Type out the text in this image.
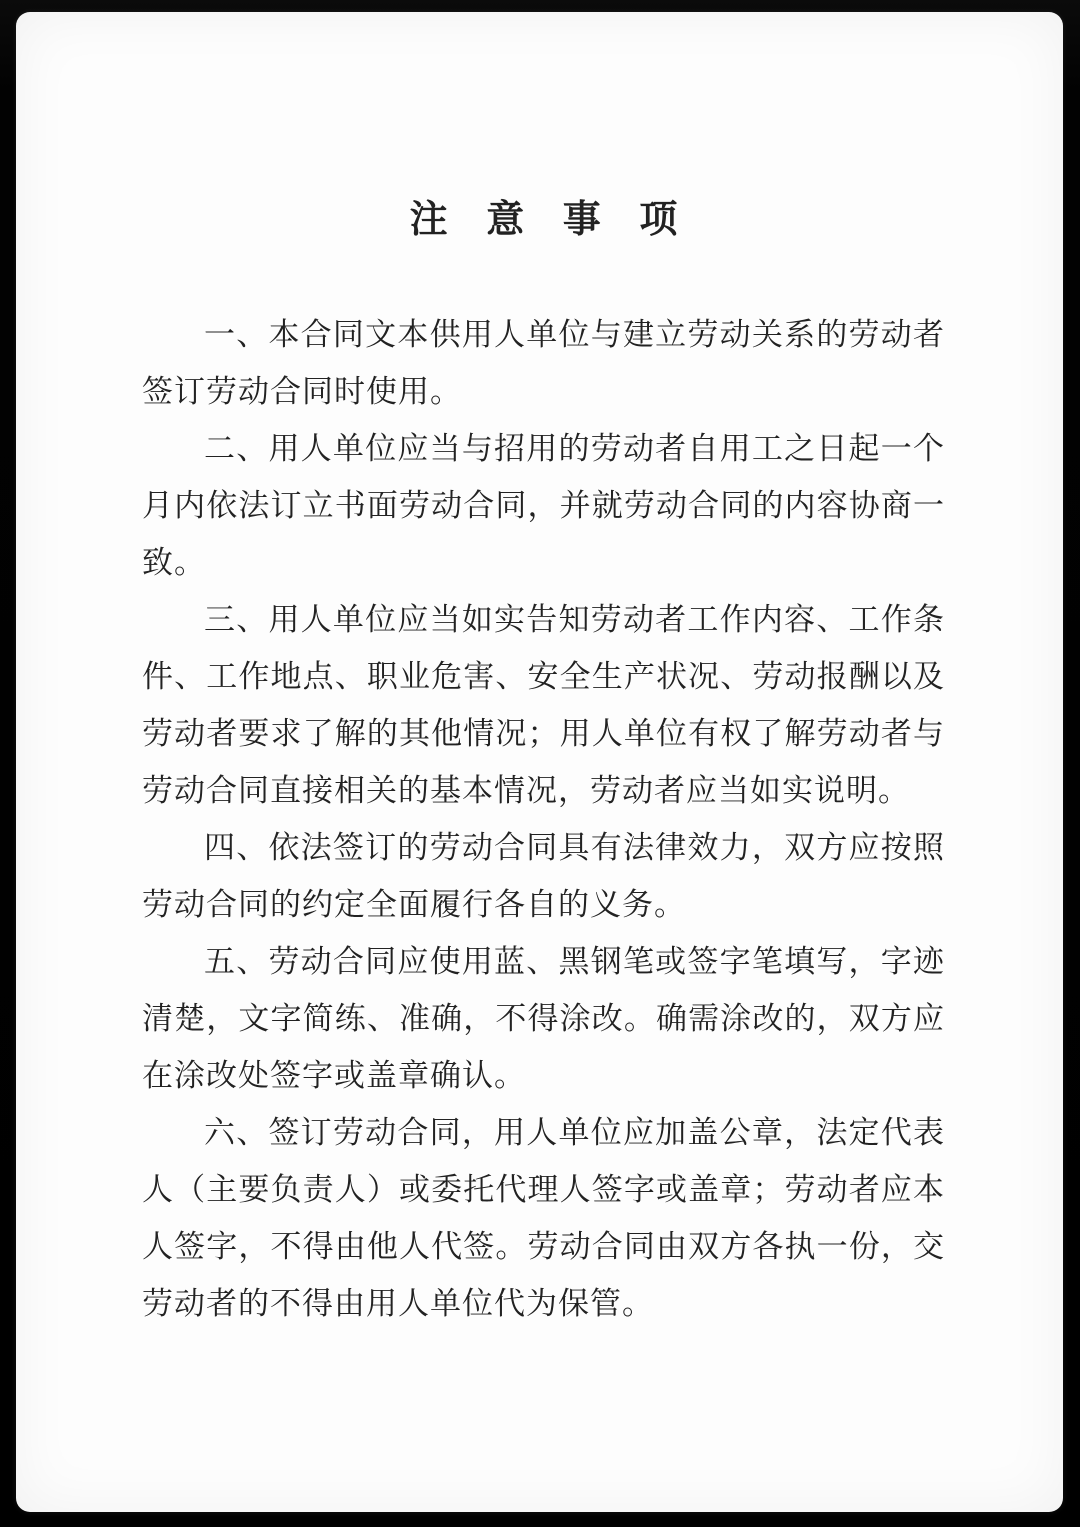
注 意 事 项

一、本合同文本供用人单位与建立劳动关系的劳动者签订劳动合同时使用。

二、用人单位应当与招用的劳动者自用工之日起一个月内依法订立书面劳动合同，并就劳动合同的内容协商一致。

三、用人单位应当如实告知劳动者工作内容、工作条件、工作地点、职业危害、安全生产状况、劳动报酬以及劳动者要求了解的其他情况；用人单位有权了解劳动者与劳动合同直接相关的基本情况，劳动者应当如实说明。

四、依法签订的劳动合同具有法律效力，双方应按照劳动合同的约定全面履行各自的义务。

五、劳动合同应使用蓝、黑钢笔或签字笔填写，字迹清楚，文字简练、准确，不得涂改。确需涂改的，双方应在涂改处签字或盖章确认。

六、签订劳动合同，用人单位应加盖公章，法定代表人（主要负责人）或委托代理人签字或盖章；劳动者应本人签字，不得由他人代签。劳动合同由双方各执一份，交劳动者的不得由用人单位代为保管。
